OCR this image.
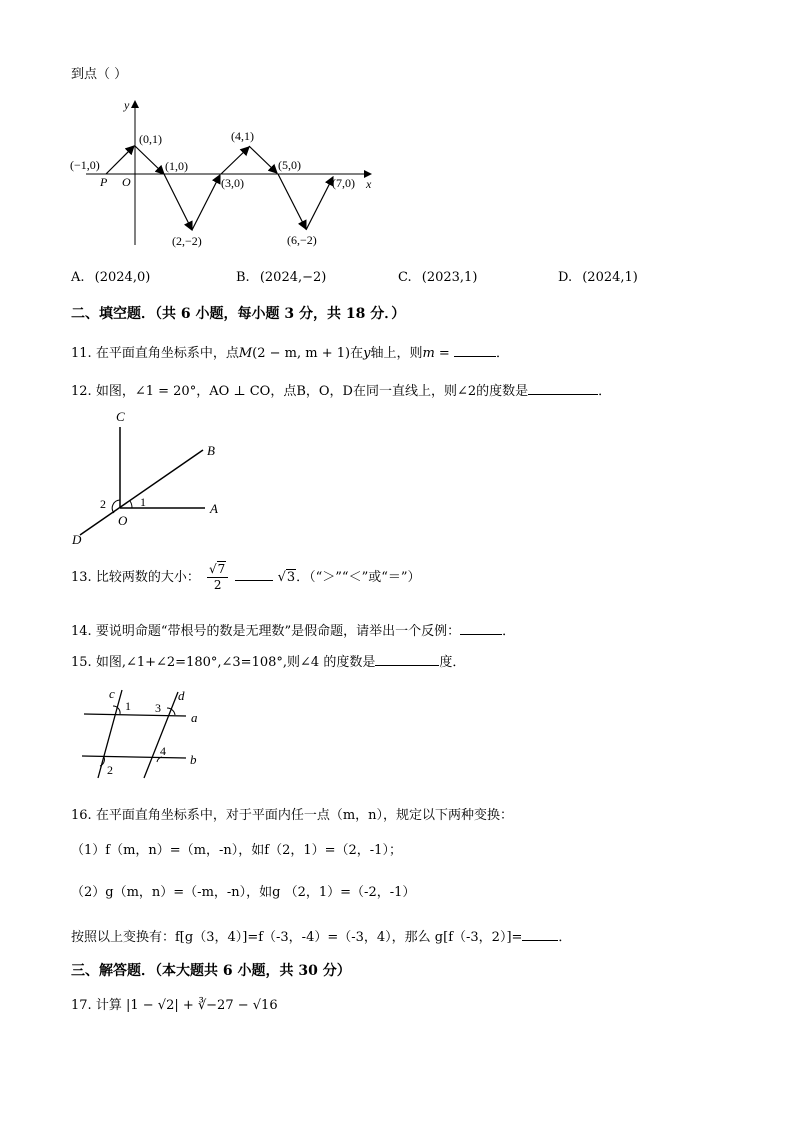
到点（ ）
y
x
O
P
(−1,0)
(0,1)
(1,0)
(2,−2)
(3,0)
(4,1)
(5,0)
(6,−2)
(7,0)
A. (2024,0)	B. (2024,−2)	C. (2023,1)	D. (2024,1)
二、填空题．（共 6 小题，每小题 3 分，共 18 分．）
11. 在平面直角坐标系中，点M(2 − m, m + 1)在y轴上，则m =	．
12. 如图，∠1 = 20°，AO ⊥ CO，点B，O，D在同一直线上，则∠2的度数是	．
C
B
A
O
D
1
2
13. 比较两数的大小： $\frac{√7}{2}$	√3．（“＞”“＜”或“＝”）
14. 要说明命题“带根号的数是无理数”是假命题，请举出一个反例：	．
15. 如图,∠1+∠2=180°,∠3=108°,则∠4 的度数是	度．
c	d
a
b
1 3
4
2
16. 在平面直角坐标系中，对于平面内任一点（m，n），规定以下两种变换：
（1）f（m，n）=（m，-n），如f（2，1）=（2，-1）；
（2）g（m，n）=（-m，-n），如g （2，1）=（-2，-1）
按照以上变换有：f[g（3，4）]=f（-3，-4）=（-3，4），那么 g[f（-3，2）]=	．
三、解答题．（本大题共 6 小题，共 30 分）
17. 计算 |1 − √2| + ∛−27 − √16
